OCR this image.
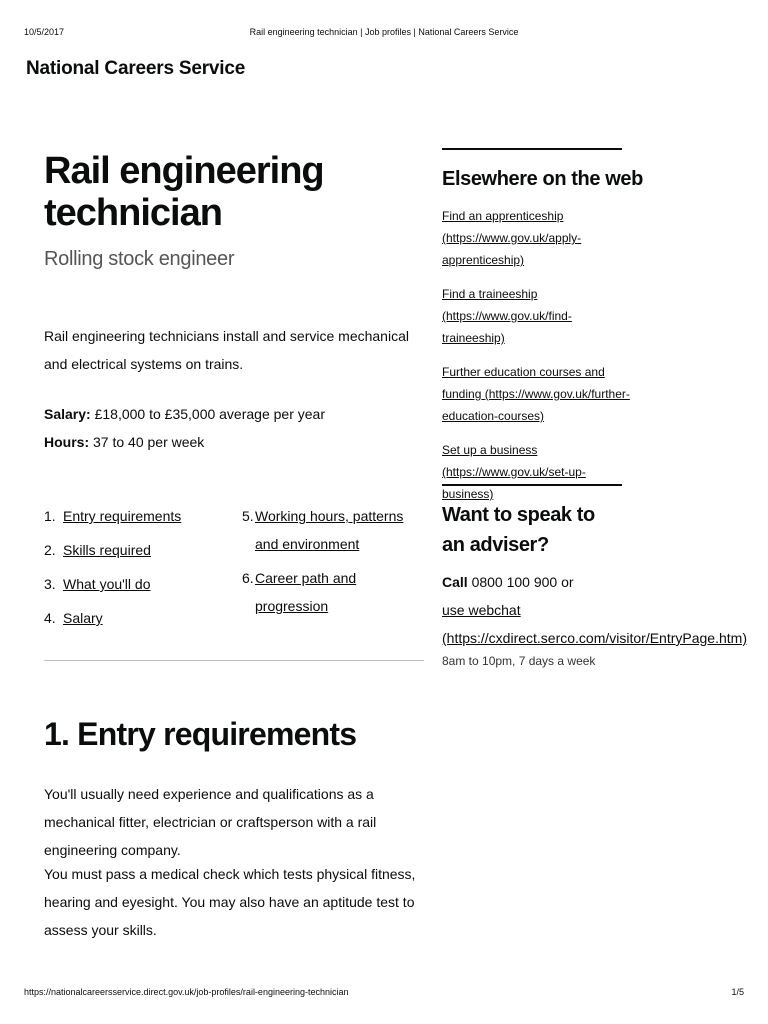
10/5/2017	Rail engineering technician | Job profiles | National Careers Service
National Careers Service
Rail engineering technician
Rolling stock engineer

Rail engineering technicians install and service mechanical and electrical systems on trains.

Salary: £18,000 to £35,000 average per year
Hours: 37 to 40 per week
1. Entry requirements
2. Skills required
3. What you'll do
4. Salary
5. Working hours, patterns and environment
6. Career path and progression
1. Entry requirements

You'll usually need experience and qualifications as a mechanical fitter, electrician or craftsperson with a rail engineering company.

You must pass a medical check which tests physical fitness, hearing and eyesight. You may also have an aptitude test to assess your skills.

Elsewhere on the web
Find an apprenticeship (https://www.gov.uk/apply-apprenticeship)
Find a traineeship (https://www.gov.uk/find-traineeship)
Further education courses and funding (https://www.gov.uk/further-education-courses)
Set up a business (https://www.gov.uk/set-up-business)
Want to speak to an adviser?
Call 0800 100 900 or
use webchat (https://cxdirect.serco.com/visitor/EntryPage.htm)
8am to 10pm, 7 days a week
https://nationalcareersservice.direct.gov.uk/job-profiles/rail-engineering-technician	1/5
